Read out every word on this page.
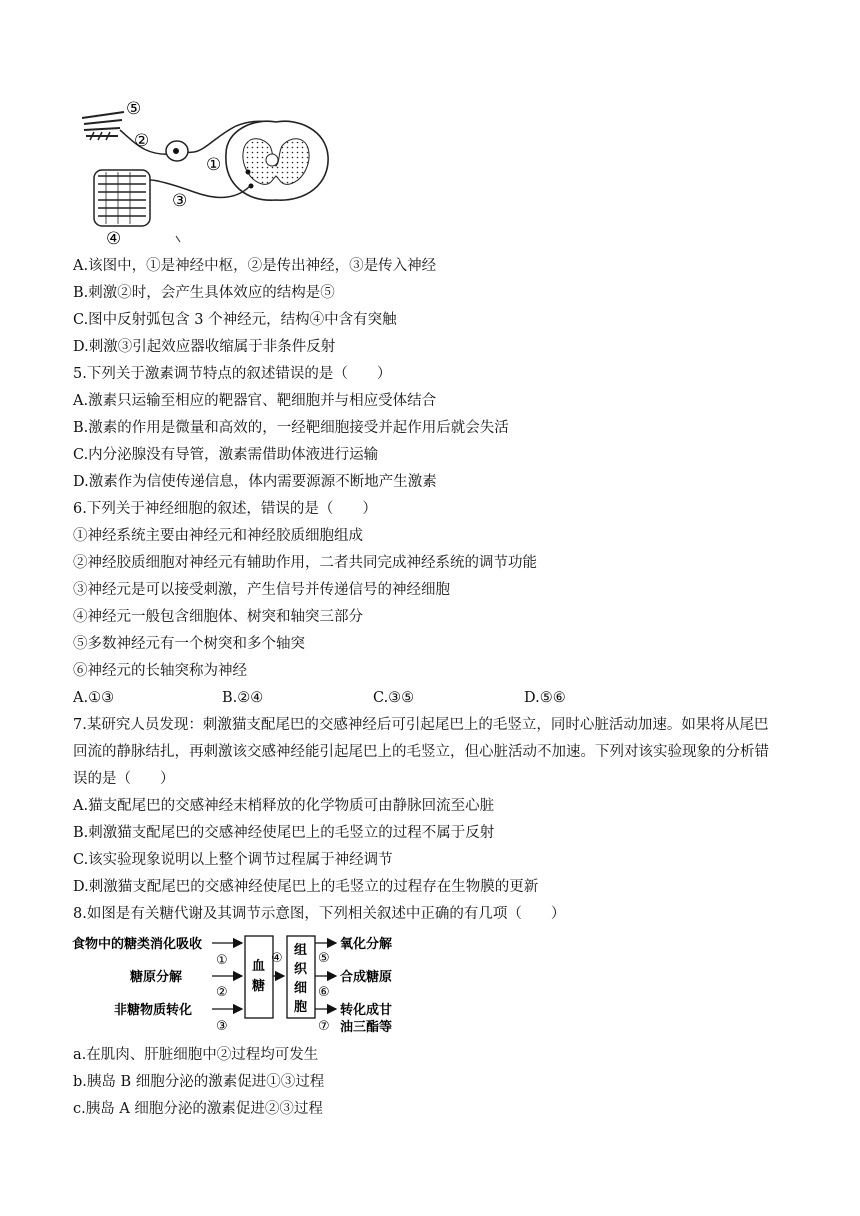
⑤
②
①
③
④
A.该图中，①是神经中枢，②是传出神经，③是传入神经
B.刺激②时，会产生具体效应的结构是⑤
C.图中反射弧包含 3 个神经元，结构④中含有突触
D.刺激③引起效应器收缩属于非条件反射
5.下列关于激素调节特点的叙述错误的是（　　）
A.激素只运输至相应的靶器官、靶细胞并与相应受体结合
B.激素的作用是微量和高效的，一经靶细胞接受并起作用后就会失活
C.内分泌腺没有导管，激素需借助体液进行运输
D.激素作为信使传递信息，体内需要源源不断地产生激素
6.下列关于神经细胞的叙述，错误的是（　　）
①神经系统主要由神经元和神经胶质细胞组成
②神经胶质细胞对神经元有辅助作用，二者共同完成神经系统的调节功能
③神经元是可以接受刺激，产生信号并传递信号的神经细胞
④神经元一般包含细胞体、树突和轴突三部分
⑤多数神经元有一个树突和多个轴突
⑥神经元的长轴突称为神经
A.①③	B.②④	C.③⑤	D.⑤⑥
7.某研究人员发现：刺激猫支配尾巴的交感神经后可引起尾巴上的毛竖立，同时心脏活动加速。如果将从尾巴
回流的静脉结扎，再刺激该交感神经能引起尾巴上的毛竖立，但心脏活动不加速。下列对该实验现象的分析错
误的是（　　）
A.猫支配尾巴的交感神经末梢释放的化学物质可由静脉回流至心脏
B.刺激猫支配尾巴的交感神经使尾巴上的毛竖立的过程不属于反射
C.该实验现象说明以上整个调节过程属于神经调节
D.刺激猫支配尾巴的交感神经使尾巴上的毛竖立的过程存在生物膜的更新
8.如图是有关糖代谢及其调节示意图，下列相关叙述中正确的有几项（　　）
食物中的糖类消化吸收
糖原分解
非糖物质转化
①
②
③
血
糖
④
组
织
细
胞
⑤
⑥
⑦
氧化分解
合成糖原
转化成甘
油三酯等
a.在肌肉、肝脏细胞中②过程均可发生
b.胰岛 B 细胞分泌的激素促进①③过程
c.胰岛 A 细胞分泌的激素促进②③过程
